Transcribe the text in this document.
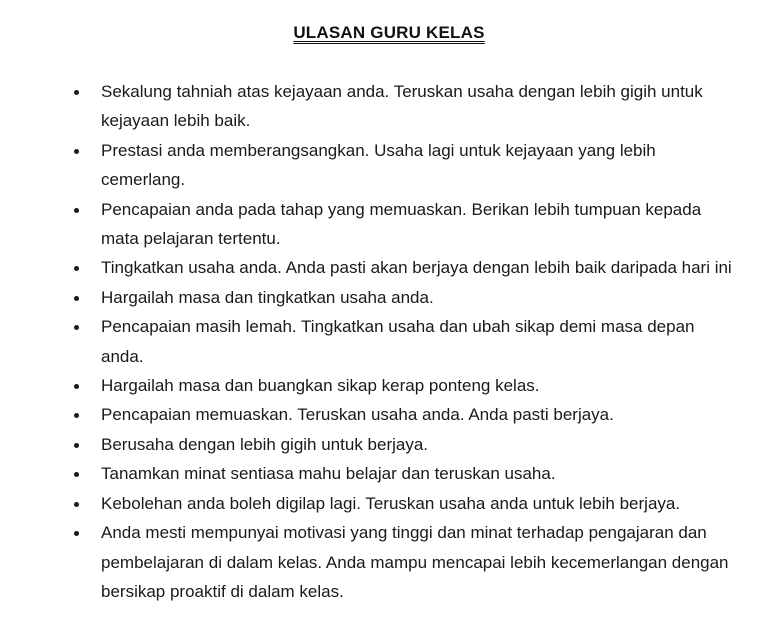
ULASAN GURU KELAS
Sekalung tahniah atas kejayaan anda. Teruskan usaha dengan lebih gigih untuk kejayaan lebih baik.
Prestasi anda memberangsangkan. Usaha lagi untuk kejayaan yang lebih cemerlang.
Pencapaian anda pada tahap yang memuaskan. Berikan lebih tumpuan kepada mata pelajaran tertentu.
Tingkatkan usaha anda. Anda pasti akan berjaya dengan lebih baik daripada hari ini
Hargailah masa dan tingkatkan usaha anda.
Pencapaian masih lemah. Tingkatkan usaha dan ubah sikap demi masa depan anda.
Hargailah masa dan buangkan sikap kerap ponteng kelas.
Pencapaian memuaskan. Teruskan usaha anda. Anda pasti berjaya.
Berusaha dengan lebih gigih untuk berjaya.
Tanamkan minat sentiasa mahu belajar dan teruskan usaha.
Kebolehan anda boleh digilap lagi. Teruskan usaha anda untuk lebih berjaya.
Anda mesti mempunyai motivasi yang tinggi dan minat terhadap pengajaran dan pembelajaran di dalam kelas. Anda mampu mencapai lebih kecemerlangan dengan bersikap proaktif di dalam kelas.
